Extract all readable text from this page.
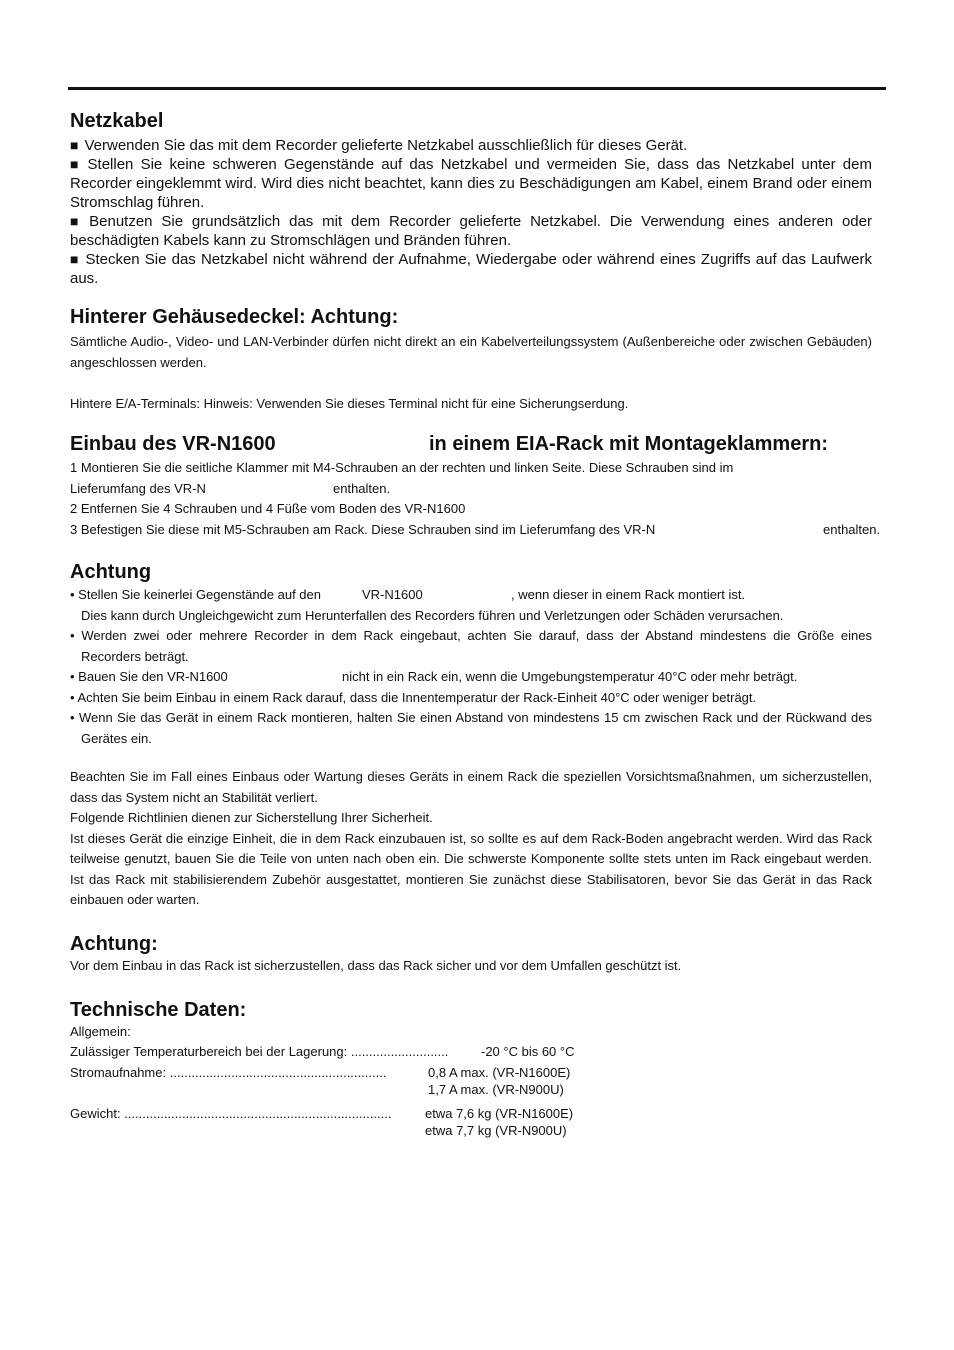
Netzkabel

■ Verwenden Sie das mit dem Recorder gelieferte Netzkabel ausschließlich für dieses Gerät.

■ Stellen Sie keine schweren Gegenstände auf das Netzkabel und vermeiden Sie, dass das Netzkabel unter dem Recorder eingeklemmt wird. Wird dies nicht beachtet, kann dies zu Beschädigungen am Kabel, einem Brand oder einem Stromschlag führen.

■ Benutzen Sie grundsätzlich das mit dem Recorder gelieferte Netzkabel. Die Verwendung eines anderen oder beschädigten Kabels kann zu Stromschlägen und Bränden führen.

■ Stecken Sie das Netzkabel nicht während der Aufnahme, Wiedergabe oder während eines Zugriffs auf das Laufwerk aus.

Hinterer Gehäusedeckel: Achtung:

Sämtliche Audio-, Video- und LAN-Verbinder dürfen nicht direkt an ein Kabelverteilungssystem (Außenbereiche oder zwischen Gebäuden) angeschlossen werden.

Hintere E/A-Terminals: Hinweis: Verwenden Sie dieses Terminal nicht für eine Sicherungserdung.

Einbau des VR-N1600	in einem EIA-Rack mit Montageklammern:

1 Montieren Sie die seitliche Klammer mit M4-Schrauben an der rechten und linken Seite. Diese Schrauben sind im

Lieferumfang des VR-N	enthalten.

2 Entfernen Sie 4 Schrauben und 4 Füße vom Boden des VR-N1600

3 Befestigen Sie diese mit M5-Schrauben am Rack. Diese Schrauben sind im Lieferumfang des VR-N	enthalten.

Achtung

• Stellen Sie keinerlei Gegenstände auf den	VR-N1600	, wenn dieser in einem Rack montiert ist.

Dies kann durch Ungleichgewicht zum Herunterfallen des Recorders führen und Verletzungen oder Schäden verursachen.

• Werden zwei oder mehrere Recorder in dem Rack eingebaut, achten Sie darauf, dass der Abstand mindestens die Größe eines Recorders beträgt.

• Bauen Sie den VR-N1600	nicht in ein Rack ein, wenn die Umgebungstemperatur 40°C oder mehr beträgt.

• Achten Sie beim Einbau in einem Rack darauf, dass die Innentemperatur der Rack-Einheit 40°C oder weniger beträgt.

• Wenn Sie das Gerät in einem Rack montieren, halten Sie einen Abstand von mindestens 15 cm zwischen Rack und der Rückwand des Gerätes ein.

Beachten Sie im Fall eines Einbaus oder Wartung dieses Geräts in einem Rack die speziellen Vorsichtsmaßnahmen, um sicherzustellen, dass das System nicht an Stabilität verliert.

Folgende Richtlinien dienen zur Sicherstellung Ihrer Sicherheit.

Ist dieses Gerät die einzige Einheit, die in dem Rack einzubauen ist, so sollte es auf dem Rack-Boden angebracht werden. Wird das Rack teilweise genutzt, bauen Sie die Teile von unten nach oben ein. Die schwerste Komponente sollte stets unten im Rack eingebaut werden. Ist das Rack mit stabilisierendem Zubehör ausgestattet, montieren Sie zunächst diese Stabilisatoren, bevor Sie das Gerät in das Rack einbauen oder warten.

Achtung:

Vor dem Einbau in das Rack ist sicherzustellen, dass das Rack sicher und vor dem Umfallen geschützt ist.

Technische Daten:
Allgemein:
Zulässiger Temperaturbereich bei der Lagerung: ...........................	-20 °C bis 60 °C
Stromaufnahme: ............................................................	0,8 A max. (VR-N1600E)
1,7 A max. (VR-N900U)
Gewicht: ..........................................................................	etwa 7,6 kg (VR-N1600E)
etwa 7,7 kg (VR-N900U)
